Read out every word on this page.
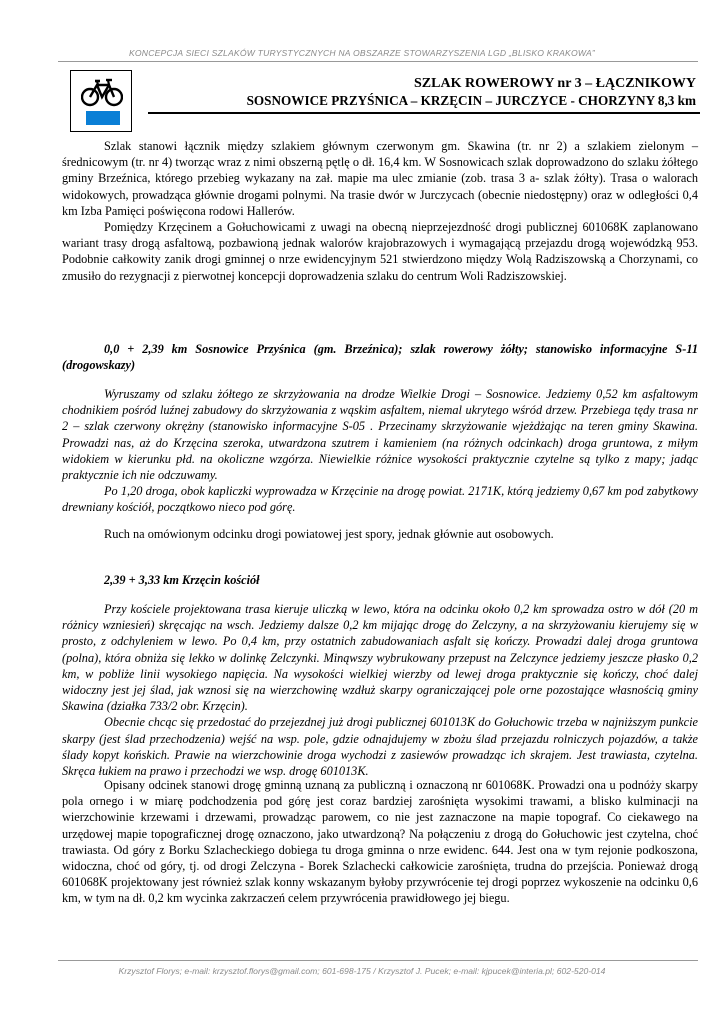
KONCEPCJA SIECI SZLAKÓW TURYSTYCZNYCH NA OBSZARZE STOWARZYSZENIA LGD „BLISKO KRAKOWA”
SZLAK ROWEROWY nr 3 – ŁĄCZNIKOWY
SOSNOWICE PRZYŚNICA – KRZĘCIN – JURCZYCE - CHORZYNY 8,3 km

Szlak stanowi łącznik między szlakiem głównym czerwonym gm. Skawina (tr. nr 2) a szlakiem zielonym – średnicowym (tr. nr 4) tworząc wraz z nimi obszerną pętlę o dł. 16,4 km. W Sosnowicach szlak doprowadzono do szlaku żółtego gminy Brzeźnica, którego przebieg wykazany na zał. mapie ma ulec zmianie (zob. trasa 3 a- szlak żółty). Trasa o walorach widokowych, prowadząca głównie drogami polnymi. Na trasie dwór w Jurczycach (obecnie niedostępny) oraz w odległości 0,4 km Izba Pamięci poświęcona rodowi Hallerów.

Pomiędzy Krzęcinem a Gołuchowicami z uwagi na obecną nieprzejezdność drogi publicznej 601068K zaplanowano wariant trasy drogą asfaltową, pozbawioną jednak walorów krajobrazowych i wymagającą przejazdu drogą wojewódzką 953. Podobnie całkowity zanik drogi gminnej o nrze ewidencyjnym 521 stwierdzono między Wolą Radziszowską a Chorzynami, co zmusiło do rezygnacji z pierwotnej koncepcji doprowadzenia szlaku do centrum Woli Radziszowskiej.

0,0 + 2,39 km Sosnowice Przyśnica (gm. Brzeźnica); szlak rowerowy żółty; stanowisko informacyjne S-11 (drogowskazy)

Wyruszamy od szlaku żółtego ze skrzyżowania na drodze Wielkie Drogi – Sosnowice. Jedziemy 0,52 km asfaltowym chodnikiem pośród luźnej zabudowy do skrzyżowania z wąskim asfaltem, niemal ukrytego wśród drzew. Przebiega tędy trasa nr 2 – szlak czerwony okrężny (stanowisko informacyjne S-05 . Przecinamy skrzyżowanie wjeżdżając na teren gminy Skawina. Prowadzi nas, aż do Krzęcina szeroka, utwardzona szutrem i kamieniem (na różnych odcinkach) droga gruntowa, z miłym widokiem w kierunku płd. na okoliczne wzgórza. Niewielkie różnice wysokości praktycznie czytelne są tylko z mapy; jadąc praktycznie ich nie odczuwamy.

Po 1,20 droga, obok kapliczki wyprowadza w Krzęcinie na drogę powiat. 2171K, którą jedziemy 0,67 km pod zabytkowy drewniany kościół, początkowo nieco pod górę.

Ruch na omówionym odcinku drogi powiatowej jest spory, jednak głównie aut osobowych.

2,39 + 3,33 km Krzęcin kościół

Przy kościele projektowana trasa kieruje uliczką w lewo, która na odcinku około 0,2 km sprowadza ostro w dół (20 m różnicy wzniesień) skręcając na wsch. Jedziemy dalsze 0,2 km mijając drogę do Zelczyny, a na skrzyżowaniu kierujemy się w prosto, z odchyleniem w lewo. Po 0,4 km, przy ostatnich zabudowaniach asfalt się kończy. Prowadzi dalej droga gruntowa (polna), która obniża się lekko w dolinkę Zelczynki. Minąwszy wybrukowany przepust na Zelczynce jedziemy jeszcze płasko 0,2 km, w pobliże linii wysokiego napięcia. Na wysokości wielkiej wierzby od lewej droga praktycznie się kończy, choć dalej widoczny jest jej ślad, jak wznosi się na wierzchowinę wzdłuż skarpy ograniczającej pole orne pozostające własnością gminy Skawina (działka 733/2 obr. Krzęcin).

Obecnie chcąc się przedostać do przejezdnej już drogi publicznej 601013K do Gołuchowic trzeba w najniższym punkcie skarpy (jest ślad przechodzenia) wejść na wsp. pole, gdzie odnajdujemy w zbożu ślad przejazdu rolniczych pojazdów, a także ślady kopyt końskich. Prawie na wierzchowinie droga wychodzi z zasiewów prowadząc ich skrajem. Jest trawiasta, czytelna. Skręca łukiem na prawo i przechodzi we wsp. drogę 601013K.

Opisany odcinek stanowi drogę gminną uznaną za publiczną i oznaczoną nr 601068K. Prowadzi ona u podnóży skarpy pola ornego i w miarę podchodzenia pod górę jest coraz bardziej zarośnięta wysokimi trawami, a blisko kulminacji na wierzchowinie krzewami i drzewami, prowadząc parowem, co nie jest zaznaczone na mapie topograf. Co ciekawego na urzędowej mapie topograficznej drogę oznaczono, jako utwardzoną? Na połączeniu z drogą do Gołuchowic jest czytelna, choć trawiasta. Od góry z Borku Szlacheckiego dobiega tu droga gminna o nrze ewidenc. 644. Jest ona w tym rejonie podkoszona, widoczna, choć od góry, tj. od drogi Zelczyna - Borek Szlachecki całkowicie zarośnięta, trudna do przejścia. Ponieważ drogą 601068K projektowany jest również szlak konny wskazanym byłoby przywrócenie tej drogi poprzez wykoszenie na odcinku 0,6 km, w tym na dł. 0,2 km wycinka zakrzaczeń celem przywrócenia prawidłowego jej biegu.

Krzysztof Florys; e-mail: krzysztof.florys@gmail.com; 601-698-175 / Krzysztof J. Pucek; e-mail: kjpucek@interia.pl; 602-520-014
